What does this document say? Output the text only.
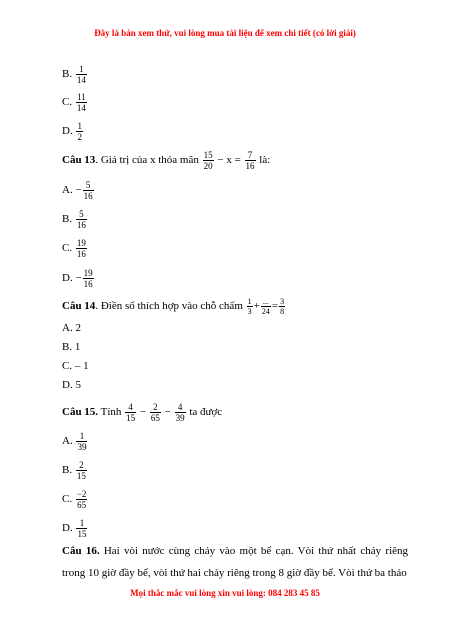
Đây là bản xem thử, vui lòng mua tài liệu để xem chi tiết (có lời giải)
B. $\frac{1}{14}$
C. $\frac{11}{14}$
D. $\frac{1}{2}$
Câu 13. Giá trị của x thỏa mãn $\frac{15}{20} - x = \frac{7}{16}$ là:
A. − $\frac{5}{16}$
B. $\frac{5}{16}$
C. $\frac{19}{16}$
D. − $\frac{19}{16}$
Câu 14. Điền số thích hợp vào chỗ chấm $\frac{1}{3}$ + ...
$24 = \frac{3}{8}$
A. 2
B. 1
C. – 1
D. 5
Câu 15. Tính $\frac{4}{15} - \frac{2}{65} - \frac{4}{39}$ ta được
A. $\frac{1}{39}$
B. $\frac{2}{15}$
C. $\frac{-2}{65}$
D. $\frac{1}{15}$
Câu 16. Hai vòi nước cùng chảy vào một bể cạn. Vòi thứ nhất chảy riêng
trong 10 giờ đầy bể, vòi thứ hai chảy riêng trong 8 giờ đầy bể. Vòi thứ ba tháo
Mọi thắc mắc vui lòng xin vui lòng: 084 283 45 85
